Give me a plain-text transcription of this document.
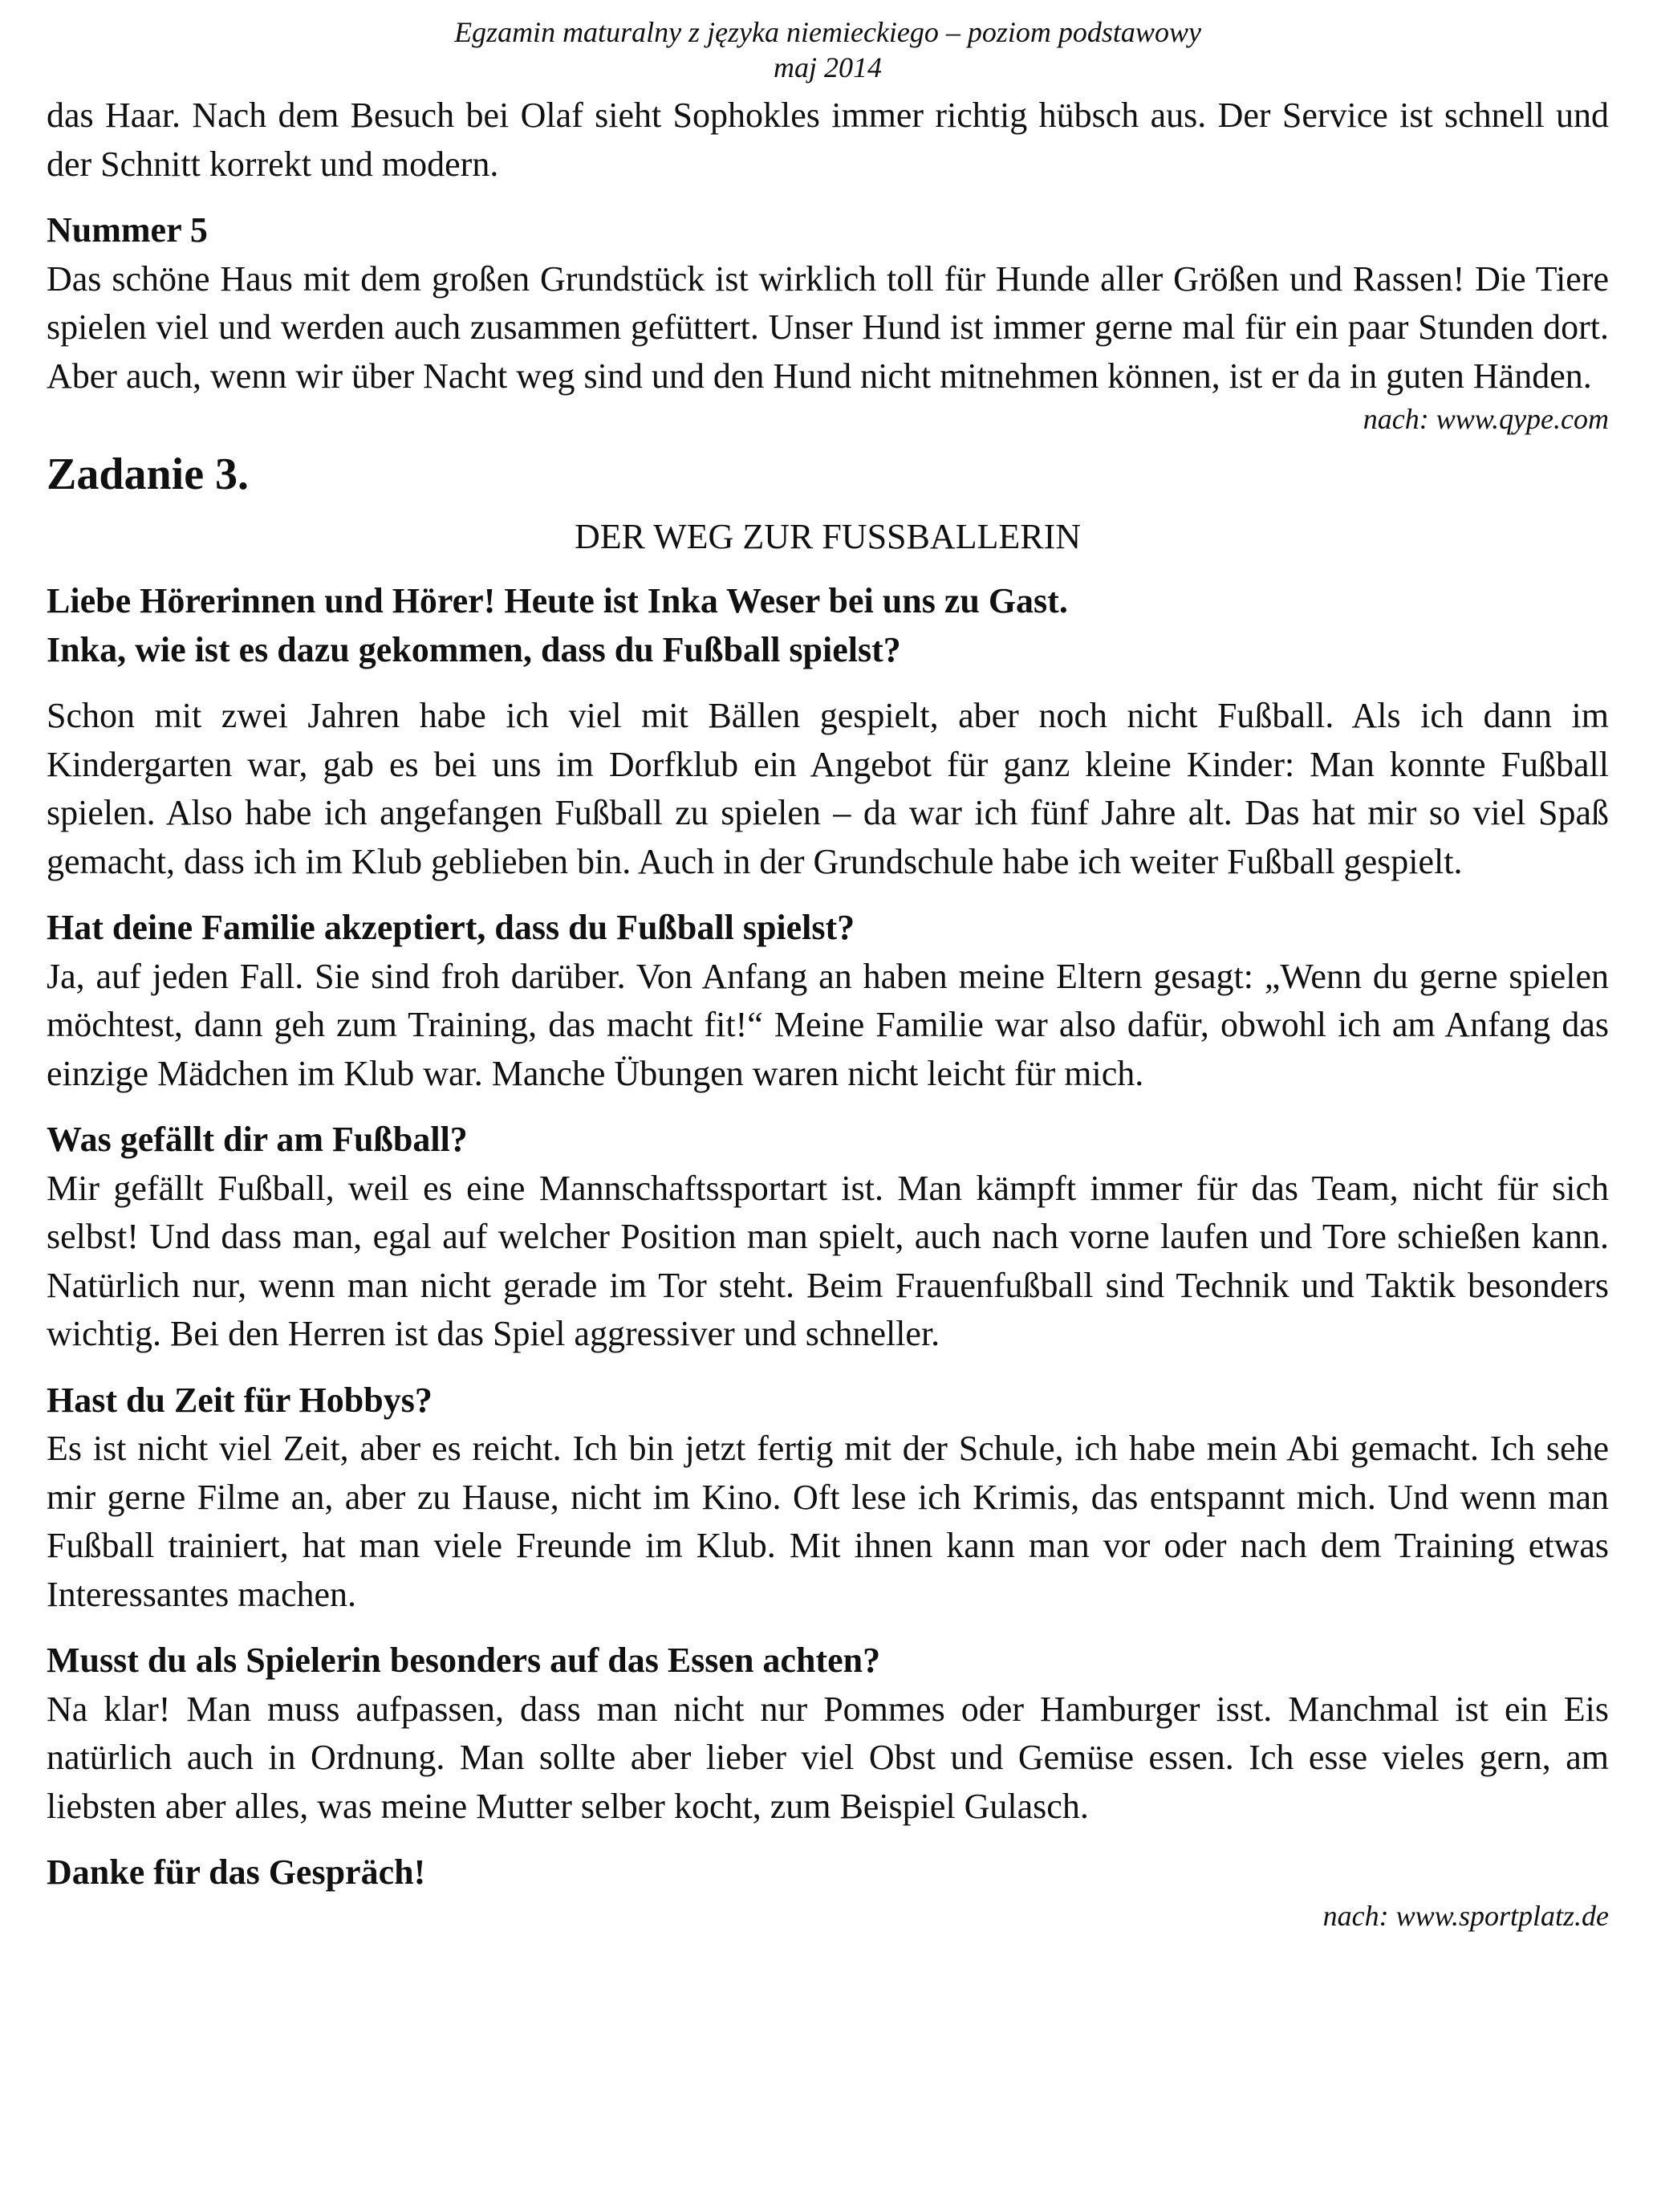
Egzamin maturalny z języka niemieckiego – poziom podstawowy
maj 2014

das Haar. Nach dem Besuch bei Olaf sieht Sophokles immer richtig hübsch aus. Der Service ist schnell und der Schnitt korrekt und modern.

Nummer 5

Das schöne Haus mit dem großen Grundstück ist wirklich toll für Hunde aller Größen und Rassen! Die Tiere spielen viel und werden auch zusammen gefüttert. Unser Hund ist immer gerne mal für ein paar Stunden dort. Aber auch, wenn wir über Nacht weg sind und den Hund nicht mitnehmen können, ist er da in guten Händen.

nach: www.qype.com
Zadanie 3.
DER WEG ZUR FUSSBALLERIN

Liebe Hörerinnen und Hörer! Heute ist Inka Weser bei uns zu Gast.

Inka, wie ist es dazu gekommen, dass du Fußball spielst?

Schon mit zwei Jahren habe ich viel mit Bällen gespielt, aber noch nicht Fußball. Als ich dann im Kindergarten war, gab es bei uns im Dorfklub ein Angebot für ganz kleine Kinder: Man konnte Fußball spielen. Also habe ich angefangen Fußball zu spielen – da war ich fünf Jahre alt. Das hat mir so viel Spaß gemacht, dass ich im Klub geblieben bin. Auch in der Grundschule habe ich weiter Fußball gespielt.

Hat deine Familie akzeptiert, dass du Fußball spielst?

Ja, auf jeden Fall. Sie sind froh darüber. Von Anfang an haben meine Eltern gesagt: „Wenn du gerne spielen möchtest, dann geh zum Training, das macht fit!“ Meine Familie war also dafür, obwohl ich am Anfang das einzige Mädchen im Klub war. Manche Übungen waren nicht leicht für mich.

Was gefällt dir am Fußball?

Mir gefällt Fußball, weil es eine Mannschaftssportart ist. Man kämpft immer für das Team, nicht für sich selbst! Und dass man, egal auf welcher Position man spielt, auch nach vorne laufen und Tore schießen kann. Natürlich nur, wenn man nicht gerade im Tor steht. Beim Frauenfußball sind Technik und Taktik besonders wichtig. Bei den Herren ist das Spiel aggressiver und schneller.

Hast du Zeit für Hobbys?

Es ist nicht viel Zeit, aber es reicht. Ich bin jetzt fertig mit der Schule, ich habe mein Abi gemacht. Ich sehe mir gerne Filme an, aber zu Hause, nicht im Kino. Oft lese ich Krimis, das entspannt mich. Und wenn man Fußball trainiert, hat man viele Freunde im Klub. Mit ihnen kann man vor oder nach dem Training etwas Interessantes machen.

Musst du als Spielerin besonders auf das Essen achten?

Na klar! Man muss aufpassen, dass man nicht nur Pommes oder Hamburger isst. Manchmal ist ein Eis natürlich auch in Ordnung. Man sollte aber lieber viel Obst und Gemüse essen. Ich esse vieles gern, am liebsten aber alles, was meine Mutter selber kocht, zum Beispiel Gulasch.

Danke für das Gespräch!

nach: www.sportplatz.de
